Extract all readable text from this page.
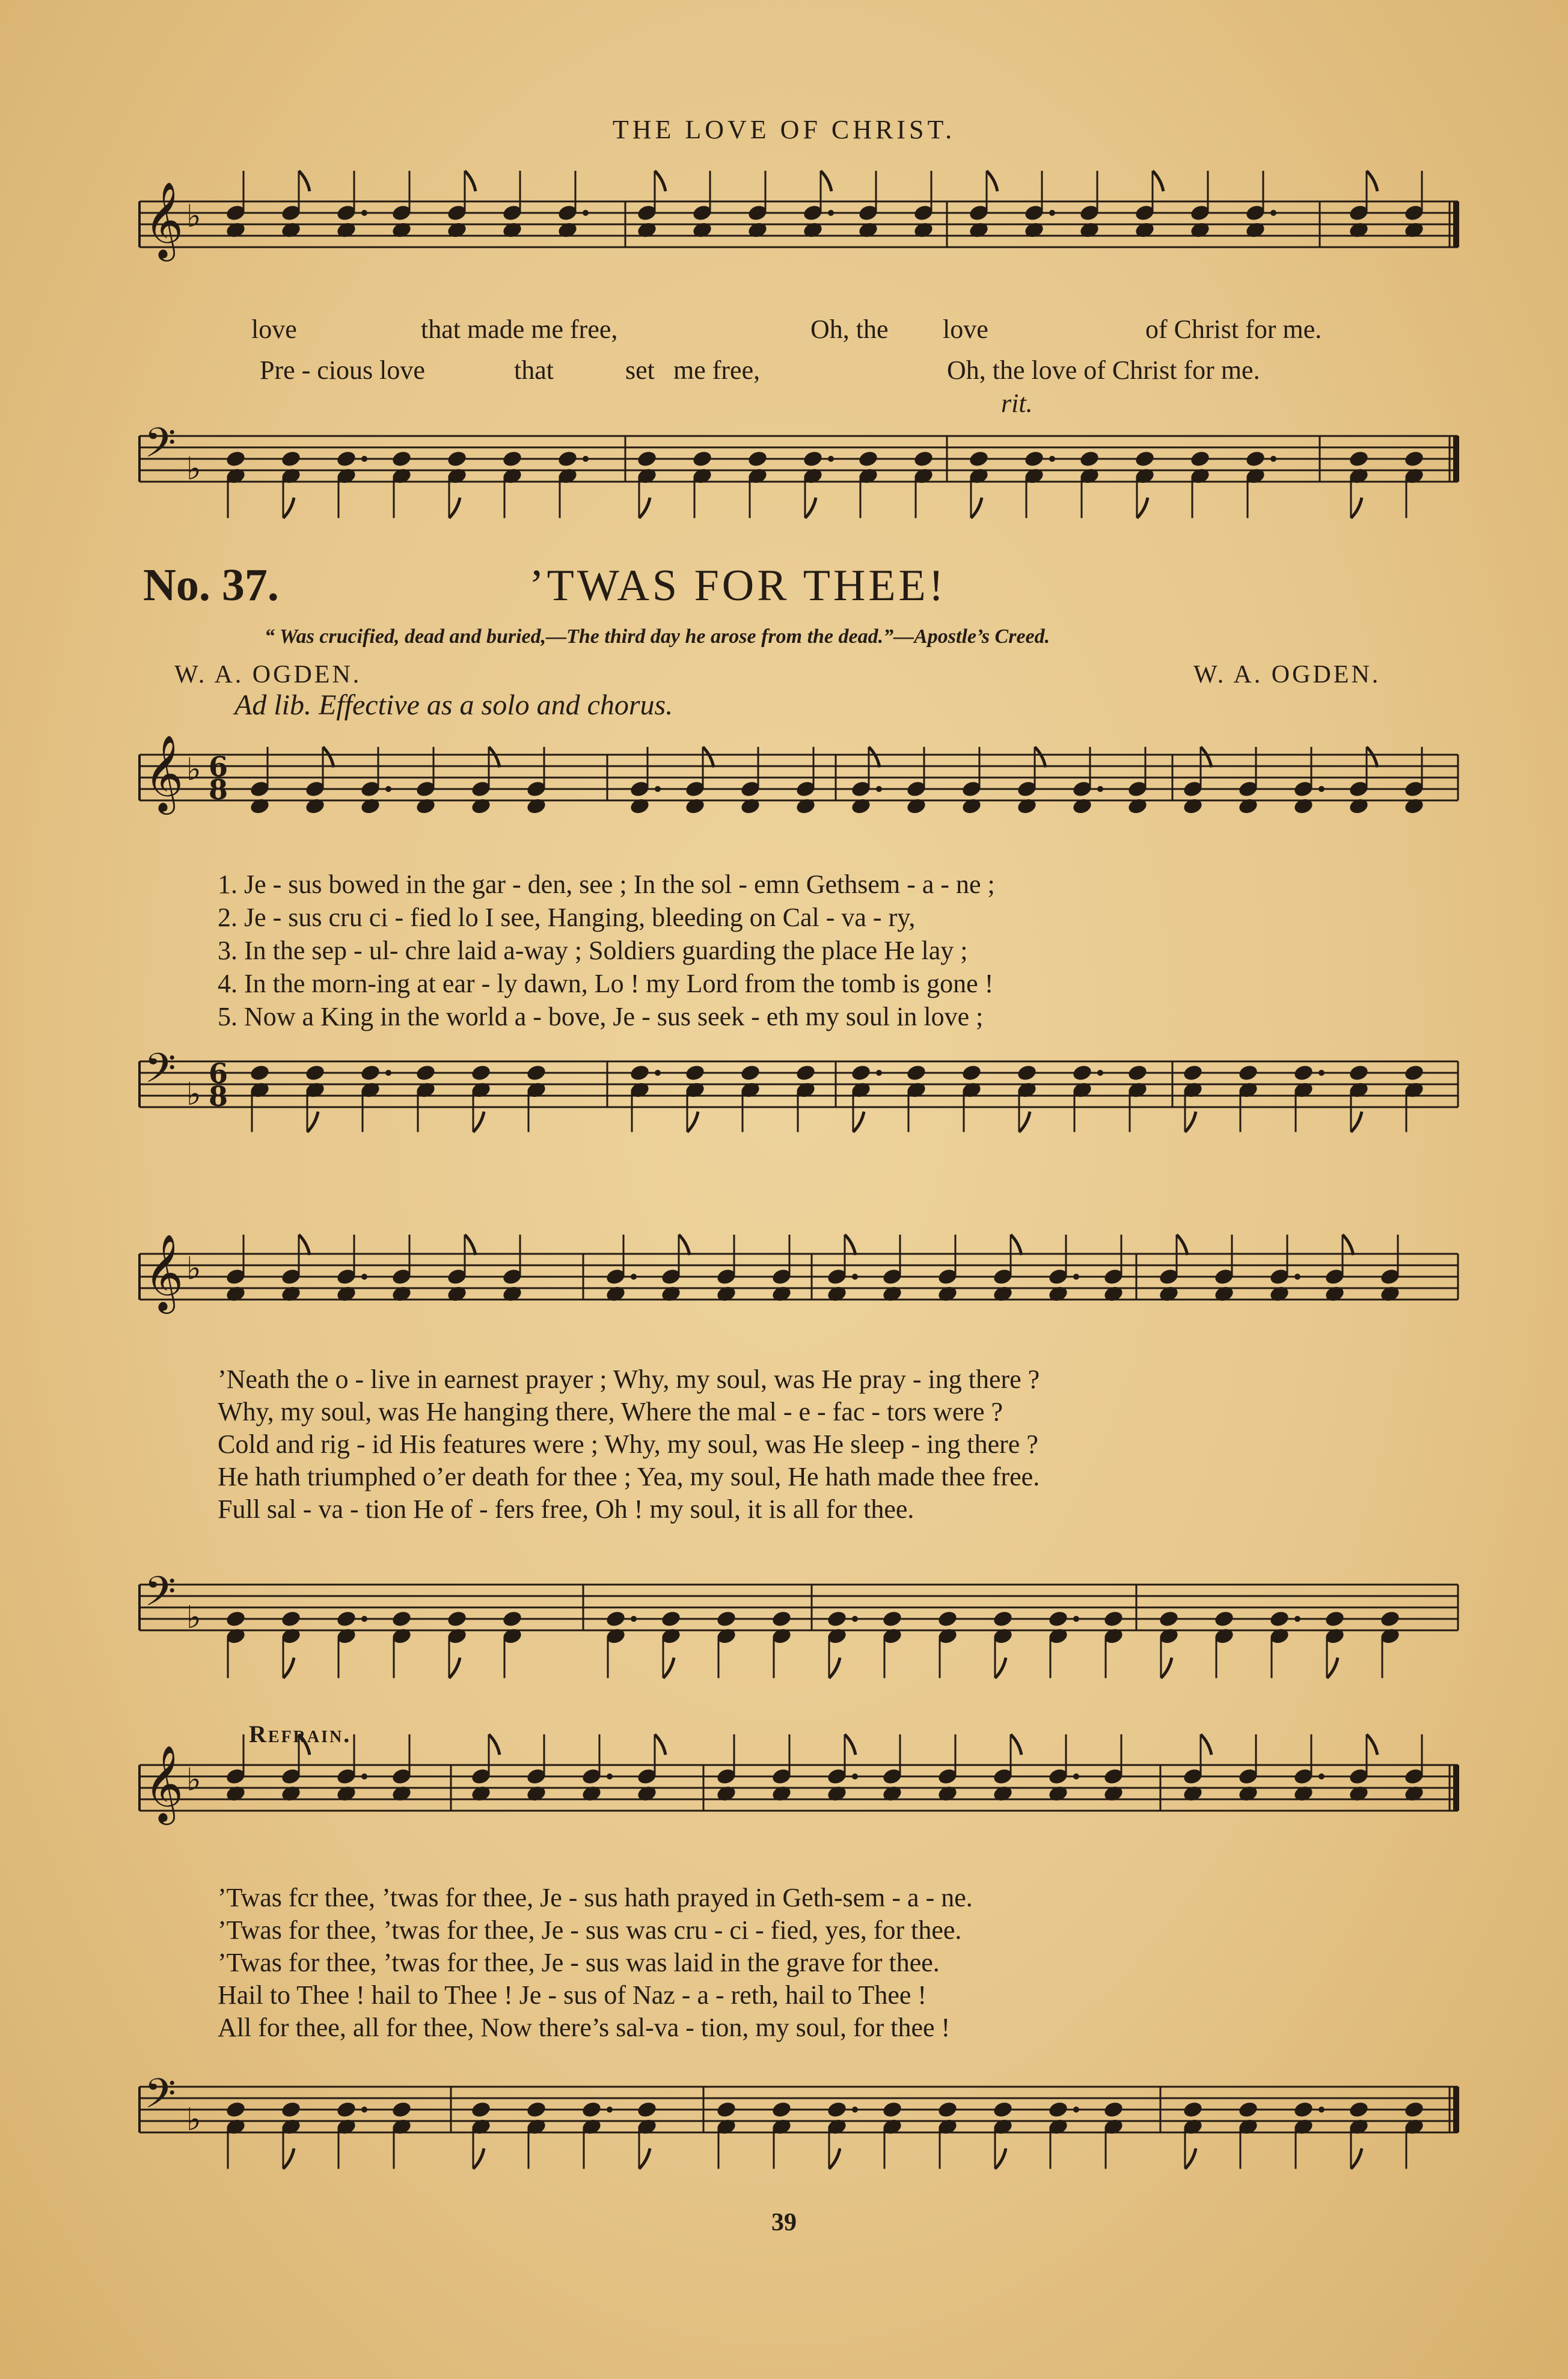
THE LOVE OF CHRIST.
𝄞 ♭
𝄢 ♭
𝄞 ♭ 6
8
𝄢 ♭
6
8
𝄞 ♭
𝄢 ♭
𝄞 ♭
𝄢 ♭
love	that made me free,	Oh, the love	of Christ for me.
Pre - cious love	that	set me free,	Oh, the love of Christ for me.
rit.
No. 37.	’TWAS FOR THEE!
“ Was crucified, dead and buried,—The third day he arose from the dead.”—Apostle’s Creed.
W. A. OGDEN.	W. A. OGDEN.
Ad lib. Effective as a solo and chorus.
1. Je - sus bowed in the gar - den, see ; In the sol - emn Gethsem - a - ne ;
2. Je - sus cru ci - fied lo I see, Hanging, bleeding on Cal - va - ry,
3. In the sep - ul- chre laid a-way ; Soldiers guarding the place He lay ;
4. In the morn-ing at ear - ly dawn, Lo ! my Lord from the tomb is gone !
5. Now a King in the world a - bove, Je - sus seek - eth my soul in love ;
’Neath the o - live in earnest prayer ; Why, my soul, was He pray - ing there ?
Why, my soul, was He hanging there, Where the mal - e - fac - tors were ?
Cold and rig - id His features were ; Why, my soul, was He sleep - ing there ?
He hath triumphed o’er death for thee ; Yea, my soul, He hath made thee free.
Full sal - va - tion He of - fers free, Oh ! my soul, it is all for thee.
Refrain.
’Twas fcr thee, ’twas for thee, Je - sus hath prayed in Geth-sem - a - ne.
’Twas for thee, ’twas for thee, Je - sus was cru - ci - fied, yes, for thee.
’Twas for thee, ’twas for thee, Je - sus was laid in the grave for thee.
Hail to Thee ! hail to Thee ! Je - sus of Naz - a - reth, hail to Thee !
All for thee, all for thee, Now there’s sal-va - tion, my soul, for thee !
39
